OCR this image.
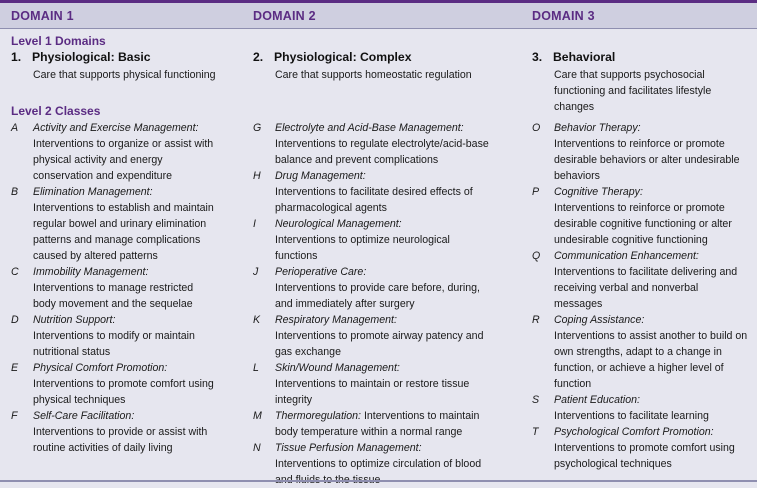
DOMAIN 1	DOMAIN 2	DOMAIN 3
Level 1 Domains
1. Physiological: Basic
Care that supports physical functioning
2. Physiological: Complex
Care that supports homeostatic regulation
3. Behavioral
Care that supports psychosocial functioning and facilitates lifestyle changes
Level 2 Classes
A Activity and Exercise Management:
Interventions to organize or assist with physical activity and energy conservation and expenditure
B Elimination Management:
Interventions to establish and maintain regular bowel and urinary elimination patterns and manage complications caused by altered patterns
C Immobility Management:
Interventions to manage restricted body movement and the sequelae
D Nutrition Support:
Interventions to modify or maintain nutritional status
E Physical Comfort Promotion:
Interventions to promote comfort using physical techniques
F Self-Care Facilitation:
Interventions to provide or assist with routine activities of daily living
G Electrolyte and Acid-Base Management:
Interventions to regulate electrolyte/acid-base balance and prevent complications
H Drug Management:
Interventions to facilitate desired effects of pharmacological agents
I Neurological Management:
Interventions to optimize neurological functions
J Perioperative Care:
Interventions to provide care before, during, and immediately after surgery
K Respiratory Management:
Interventions to promote airway patency and gas exchange
L Skin/Wound Management:
Interventions to maintain or restore tissue integrity
M Thermoregulation: Interventions to maintain body temperature within a normal range
N Tissue Perfusion Management:
Interventions to optimize circulation of blood
O Behavior Therapy:
Interventions to reinforce or promote desirable behaviors or alter undesirable behaviors
P Cognitive Therapy:
Interventions to reinforce or promote desirable cognitive functioning or alter undesirable cognitive functioning
Q Communication Enhancement:
Interventions to facilitate delivering and receiving verbal and nonverbal messages
R Coping Assistance:
Interventions to assist another to build on own strengths, adapt to a change in function, or achieve a higher level of function
S Patient Education:
Interventions to facilitate learning
T Psychological Comfort Promotion:
Interventions to promote comfort using psychological techniques
